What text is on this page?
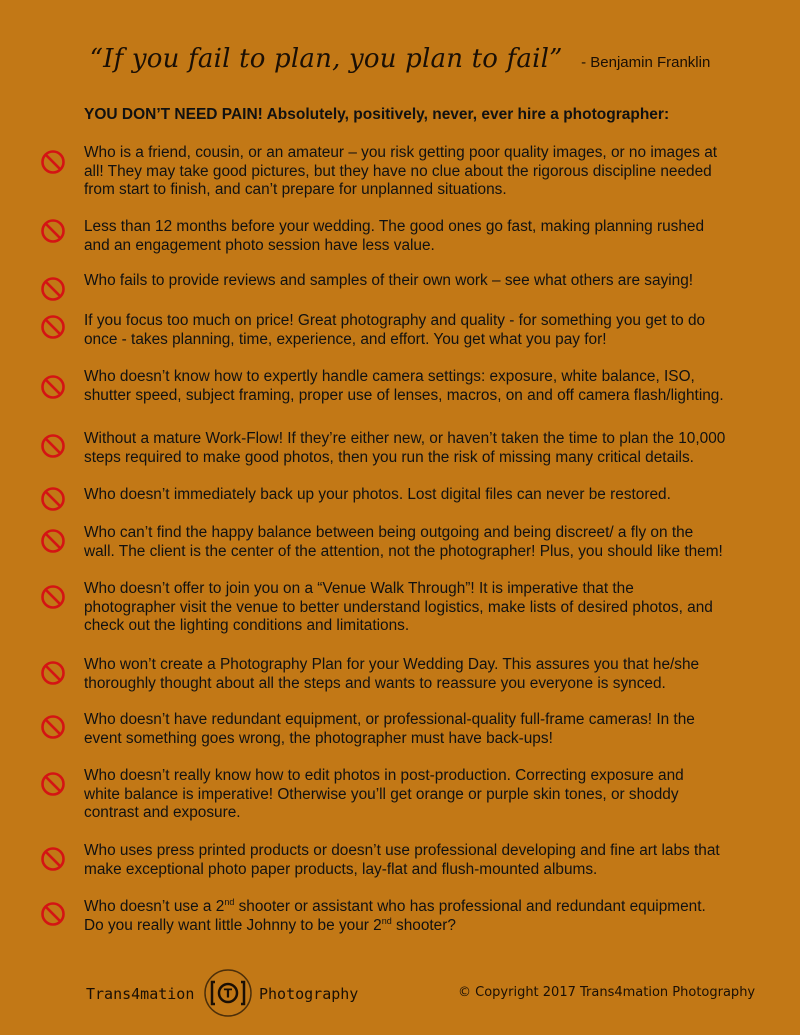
“If you fail to plan, you plan to fail” - Benjamin Franklin
YOU DON’T NEED PAIN! Absolutely, positively, never, ever hire a photographer:
Who is a friend, cousin, or an amateur – you risk getting poor quality images, or no images at
all! They may take good pictures, but they have no clue about the rigorous discipline needed
from start to finish, and can’t prepare for unplanned situations.
Less than 12 months before your wedding. The good ones go fast, making planning rushed
and an engagement photo session have less value.
Who fails to provide reviews and samples of their own work – see what others are saying!
If you focus too much on price! Great photography and quality - for something you get to do
once - takes planning, time, experience, and effort. You get what you pay for!
Who doesn’t know how to expertly handle camera settings: exposure, white balance, ISO,
shutter speed, subject framing, proper use of lenses, macros, on and off camera flash/lighting.
Without a mature Work-Flow! If they’re either new, or haven’t taken the time to plan the 10,000
steps required to make good photos, then you run the risk of missing many critical details.
Who doesn’t immediately back up your photos. Lost digital files can never be restored.
Who can’t find the happy balance between being outgoing and being discreet/ a fly on the
wall. The client is the center of the attention, not the photographer! Plus, you should like them!
Who doesn’t offer to join you on a “Venue Walk Through”! It is imperative that the
photographer visit the venue to better understand logistics, make lists of desired photos, and
check out the lighting conditions and limitations.
Who won’t create a Photography Plan for your Wedding Day. This assures you that he/she
thoroughly thought about all the steps and wants to reassure you everyone is synced.
Who doesn’t have redundant equipment, or professional-quality full-frame cameras! In the
event something goes wrong, the photographer must have back-ups!
Who doesn’t really know how to edit photos in post-production. Correcting exposure and
white balance is imperative! Otherwise you’ll get orange or purple skin tones, or shoddy
contrast and exposure.
Who uses press printed products or doesn’t use professional developing and fine art labs that
make exceptional photo paper products, lay-flat and flush-mounted albums.
Who doesn’t use a 2nd shooter or assistant who has professional and redundant equipment.
Do you really want little Johnny to be your 2nd shooter?
Trans4mation T Photography	© Copyright 2017 Trans4mation Photography
